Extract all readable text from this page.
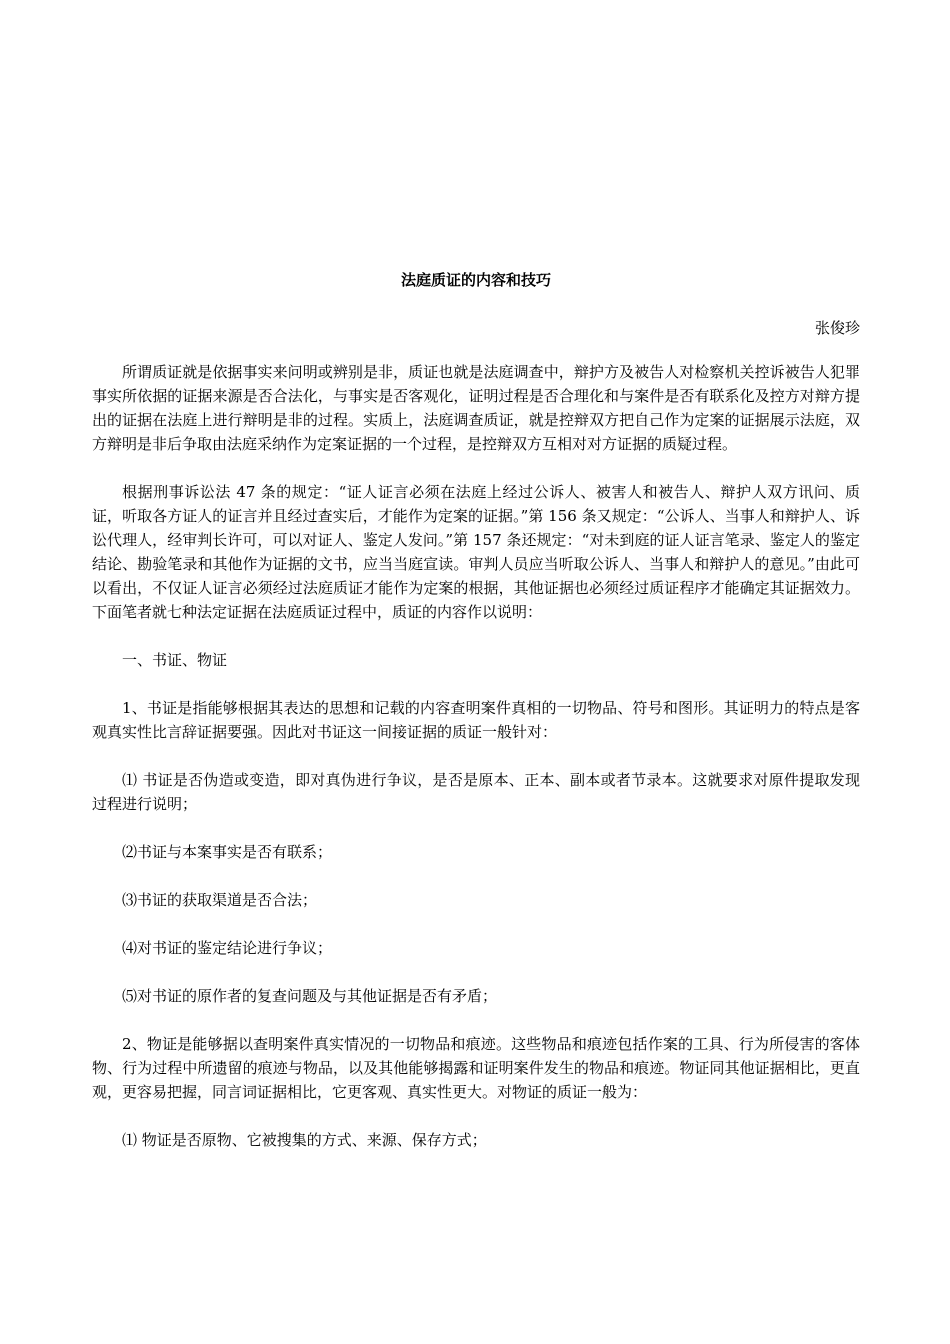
法庭质证的内容和技巧

张俊珍

所谓质证就是依据事实来问明或辨别是非，质证也就是法庭调查中，辩护方及被告人对检察机关控诉被告人犯罪事实所依据的证据来源是否合法化，与事实是否客观化，证明过程是否合理化和与案件是否有联系化及控方对辩方提出的证据在法庭上进行辩明是非的过程。实质上，法庭调查质证，就是控辩双方把自己作为定案的证据展示法庭，双方辩明是非后争取由法庭采纳作为定案证据的一个过程，是控辩双方互相对对方证据的质疑过程。

根据刑事诉讼法 47 条的规定：“证人证言必须在法庭上经过公诉人、被害人和被告人、辩护人双方讯问、质证，听取各方证人的证言并且经过查实后，才能作为定案的证据。”第 156 条又规定：“公诉人、当事人和辩护人、诉讼代理人，经审判长许可，可以对证人、鉴定人发问。”第 157 条还规定：“对未到庭的证人证言笔录、鉴定人的鉴定结论、勘验笔录和其他作为证据的文书，应当当庭宣读。审判人员应当听取公诉人、当事人和辩护人的意见。”由此可以看出，不仅证人证言必须经过法庭质证才能作为定案的根据，其他证据也必须经过质证程序才能确定其证据效力。下面笔者就七种法定证据在法庭质证过程中，质证的内容作以说明：

一、书证、物证

1、书证是指能够根据其表达的思想和记载的内容查明案件真相的一切物品、符号和图形。其证明力的特点是客观真实性比言辞证据要强。因此对书证这一间接证据的质证一般针对：

⑴ 书证是否伪造或变造，即对真伪进行争议，是否是原本、正本、副本或者节录本。这就要求对原件提取发现过程进行说明；

⑵书证与本案事实是否有联系；

⑶书证的获取渠道是否合法；

⑷对书证的鉴定结论进行争议；

⑸对书证的原作者的复查问题及与其他证据是否有矛盾；

2、物证是能够据以查明案件真实情况的一切物品和痕迹。这些物品和痕迹包括作案的工具、行为所侵害的客体物、行为过程中所遗留的痕迹与物品，以及其他能够揭露和证明案件发生的物品和痕迹。物证同其他证据相比，更直观，更容易把握，同言词证据相比，它更客观、真实性更大。对物证的质证一般为：

⑴ 物证是否原物、它被搜集的方式、来源、保存方式；
